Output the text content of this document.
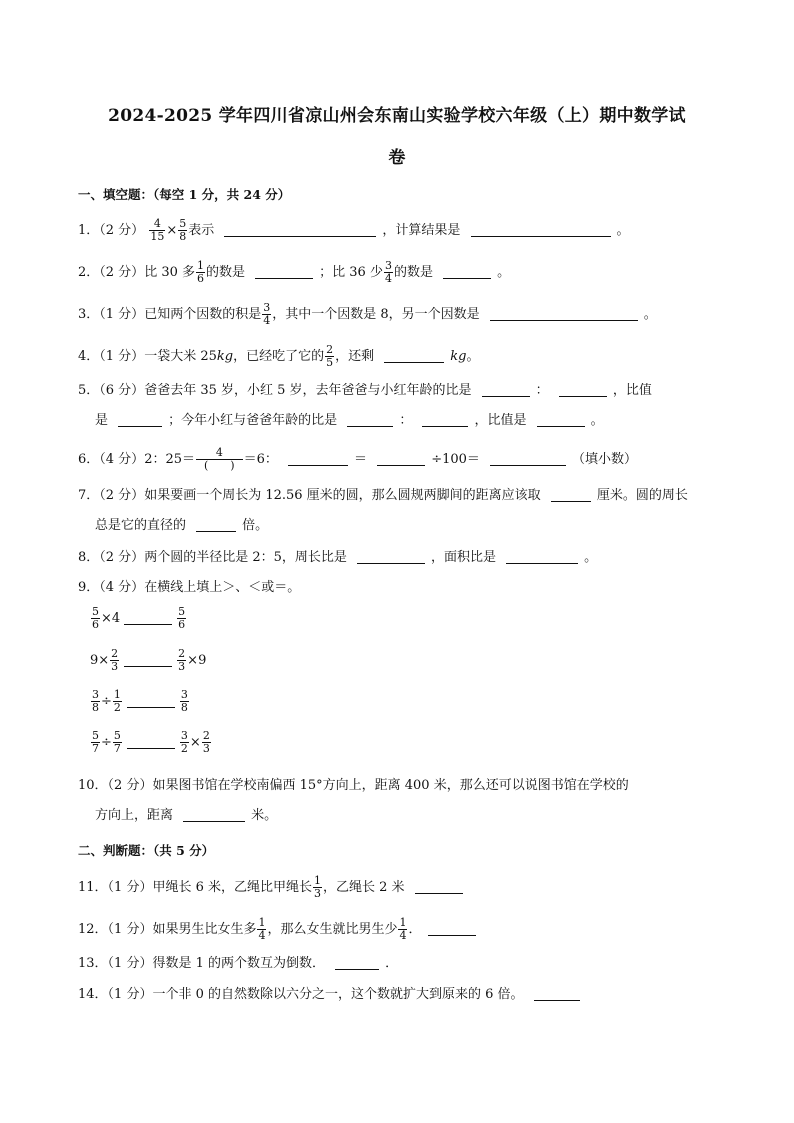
2024-2025 学年四川省凉山州会东南山实验学校六年级（上）期中数学试
卷
一、填空题：（每空 1 分，共 24 分）
1．（2 分） $\frac{4}{15} \times \frac{5}{8}$ 表示	，计算结果是	。
2．（2 分）比 30 多 $\frac{1}{6}$ 的数是	；比 36 少 $\frac{3}{4}$ 的数是	。
3．（1 分）已知两个因数的积是 $\frac{3}{4}$ ，其中一个因数是 8，另一个因数是	。
4．（1 分）一袋大米 25kg，已经吃了它的 $\frac{2}{5}$ ，还剩	kg。
5．（6 分）爸爸去年 35 岁，小红 5 岁，去年爸爸与小红年龄的比是	：	，比值
是	；今年小红与爸爸年龄的比是	：	，比值是	。
6．（4 分）2：$25= \frac{4}{( )} =6$：	＝	÷100＝	（填小数）
7．（2 分）如果要画一个周长为 12.56 厘米的圆，那么圆规两脚间的距离应该取	厘米。圆的周长
总是它的直径的	倍。
8．（2 分）两个圆的半径比是 2：5，周长比是	，面积比是	。
9．（4 分）在横线上填上＞、＜或＝。
$\frac{5}{6} \times 4$	$\frac{5}{6}$
$9\times \frac{2}{3}$	$\frac{2}{3} \times 9$
$\frac{3}{8} \div \frac{1}{2}$	$\frac{3}{8}$
$\frac{5}{7} \div \frac{5}{7}$	$\frac{3}{2} \times \frac{2}{3}$
10．（2 分）如果图书馆在学校南偏西 15°方向上，距离 400 米，那么还可以说图书馆在学校的
方向上，距离	米。
二、判断题：（共 5 分）
11．（1 分）甲绳长 6 米，乙绳比甲绳长 $\frac{1}{3}$ ，乙绳长 2 米
12．（1 分）如果男生比女生多 $\frac{1}{4}$ ，那么女生就比男生少 $\frac{1}{4}$ ．
13．（1 分）得数是 1 的两个数互为倒数．	．
14．（1 分）一个非 0 的自然数除以六分之一，这个数就扩大到原来的 6 倍。
